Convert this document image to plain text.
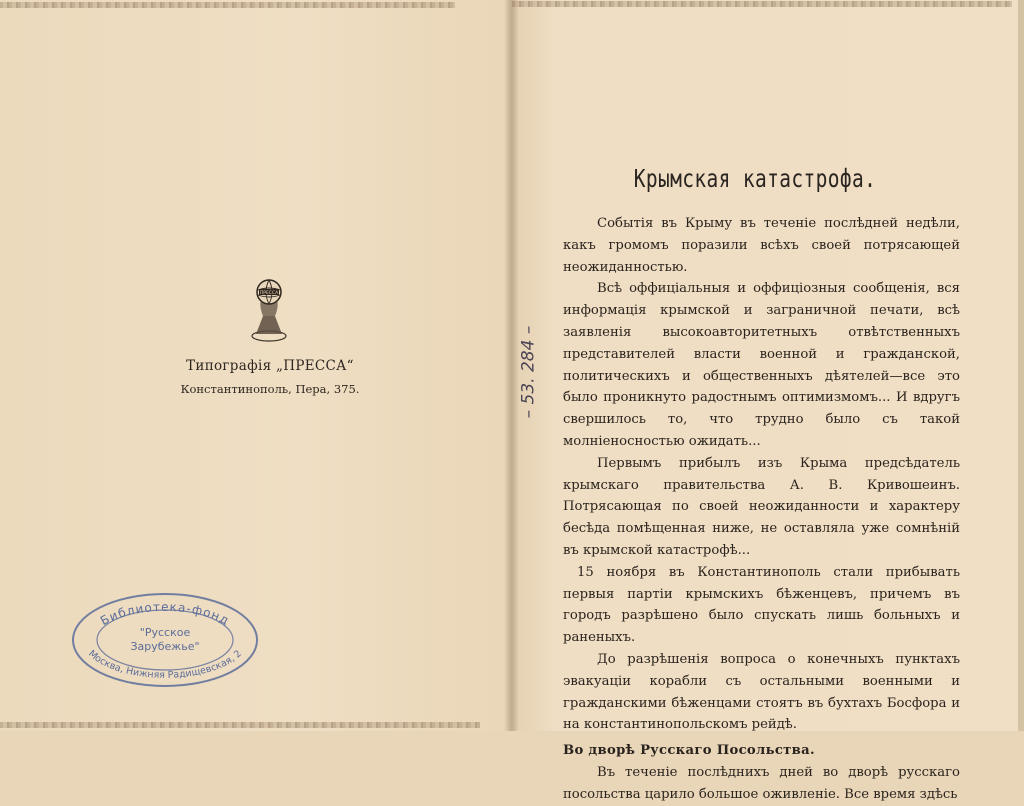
ПРЕССА
Типографія „ПРЕССА“
Константинополь, Пера, 375.
Библиотека-фонд
"Русское
Зарубежье"
Москва, Нижняя Радищевская, 2
– 53. 284 –
Крымская катастрофа.

Событія въ Крыму въ теченіе послѣдней недѣли, какъ громомъ поразили всѣхъ своей потрясающей неожиданностью.

Всѣ оффиціальныя и оффиціозныя сообщенія, вся информація крымской и заграничной печати, всѣ заявленія высокоавторитетныхъ отвѣтственныхъ представителей власти военной и гражданской, политическихъ и общественныхъ дѣятелей—все это было проникнуто радостнымъ оптимизмомъ... И вдругъ свершилось то, что трудно было съ такой молніеносностью ожидать...

Первымъ прибылъ изъ Крыма предсѣдатель крымскаго правительства А. В. Кривошеинъ. Потрясающая по своей неожиданности и характеру бесѣда помѣщенная ниже, не оставляла уже сомнѣній въ крымской катастрофѣ...

15 ноября въ Константинополь стали прибывать первыя партіи крымскихъ бѣженцевъ, причемъ въ городъ разрѣшено было спускать лишь больныхъ и раненыхъ.

До разрѣшенія вопроса о конечныхъ пунктахъ эвакуаціи корабли съ остальными военными и гражданскими бѣженцами стоятъ въ бухтахъ Босфора и на константинопольскомъ рейдѣ.

Во дворѣ Русскаго Посольства.

Въ теченіе послѣднихъ дней во дворѣ русскаго посольства царило большое оживленіе. Все время здѣсь
